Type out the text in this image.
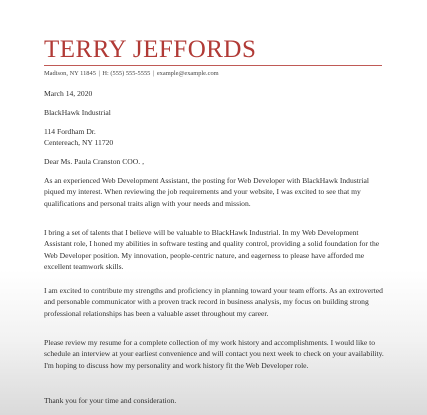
TERRY JEFFORDS
Madison, NY 11845 | H: (555) 555-5555 | example@example.com
March 14, 2020
BlackHawk Industrial

114 Fordham Dr.

Centereach, NY 11720

Dear Ms. Paula Cranston COO. ,
As an experienced Web Development Assistant, the posting for Web Developer with BlackHawk Industrial piqued my interest. When reviewing the job requirements and your website, I was excited to see that my qualifications and personal traits align with your needs and mission.
I bring a set of talents that I believe will be valuable to BlackHawk Industrial. In my Web Development Assistant role, I honed my abilities in software testing and quality control, providing a solid foundation for the Web Developer position. My innovation, people-centric nature, and eagerness to please have afforded me excellent teamwork skills.
I am excited to contribute my strengths and proficiency in planning toward your team efforts. As an extroverted and personable communicator with a proven track record in business analysis, my focus on building strong professional relationships has been a valuable asset throughout my career.
Please review my resume for a complete collection of my work history and accomplishments. I would like to schedule an interview at your earliest convenience and will contact you next week to check on your availability. I'm hoping to discuss how my personality and work history fit the Web Developer role.
Thank you for your time and consideration.
